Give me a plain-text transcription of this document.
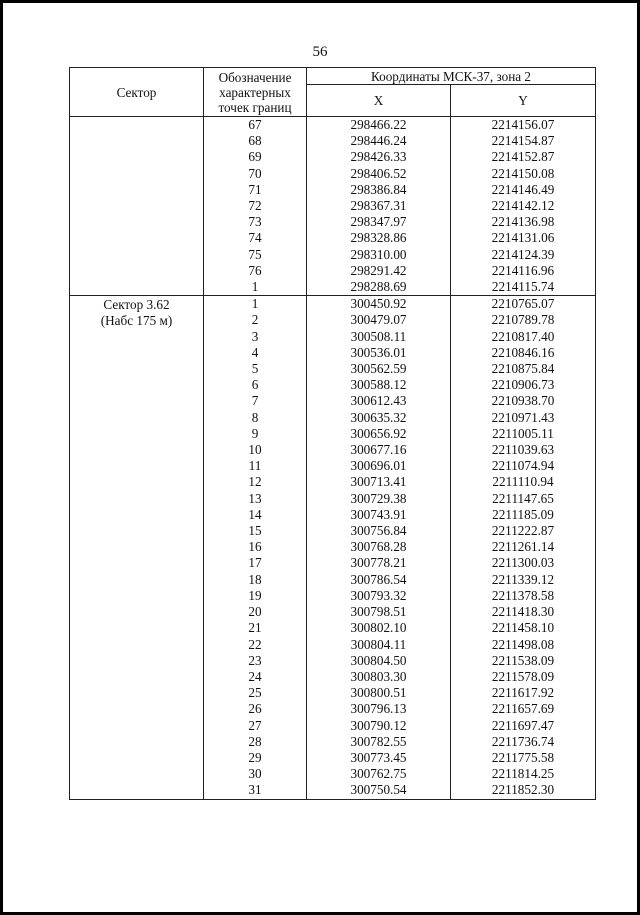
56
Сектор	Обозначение характерных точек границ	Координаты МСК-37, зона 2	
		X	Y
	67	298466.22	2214156.07
	68	298446.24	2214154.87
	69	298426.33	2214152.87
	70	298406.52	2214150.08
	71	298386.84	2214146.49
	72	298367.31	2214142.12
	73	298347.97	2214136.98
	74	298328.86	2214131.06
	75	298310.00	2214124.39
	76	298291.42	2214116.96
	1	298288.69	2214115.74

Сектор 3.62
(Набс 175 м)	1	300450.92	2210765.07
	2	300479.07	2210789.78
	3	300508.11	2210817.40
	4	300536.01	2210846.16
	5	300562.59	2210875.84
	6	300588.12	2210906.73
	7	300612.43	2210938.70
	8	300635.32	2210971.43
	9	300656.92	2211005.11
	10	300677.16	2211039.63
	11	300696.01	2211074.94
	12	300713.41	2211110.94
	13	300729.38	2211147.65
	14	300743.91	2211185.09
	15	300756.84	2211222.87
	16	300768.28	2211261.14
	17	300778.21	2211300.03
	18	300786.54	2211339.12
	19	300793.32	2211378.58
	20	300798.51	2211418.30
	21	300802.10	2211458.10
	22	300804.11	2211498.08
	23	300804.50	2211538.09
	24	300803.30	2211578.09
	25	300800.51	2211617.92
	26	300796.13	2211657.69
	27	300790.12	2211697.47
	28	300782.55	2211736.74
	29	300773.45	2211775.58
	30	300762.75	2211814.25
	31	300750.54	2211852.30
